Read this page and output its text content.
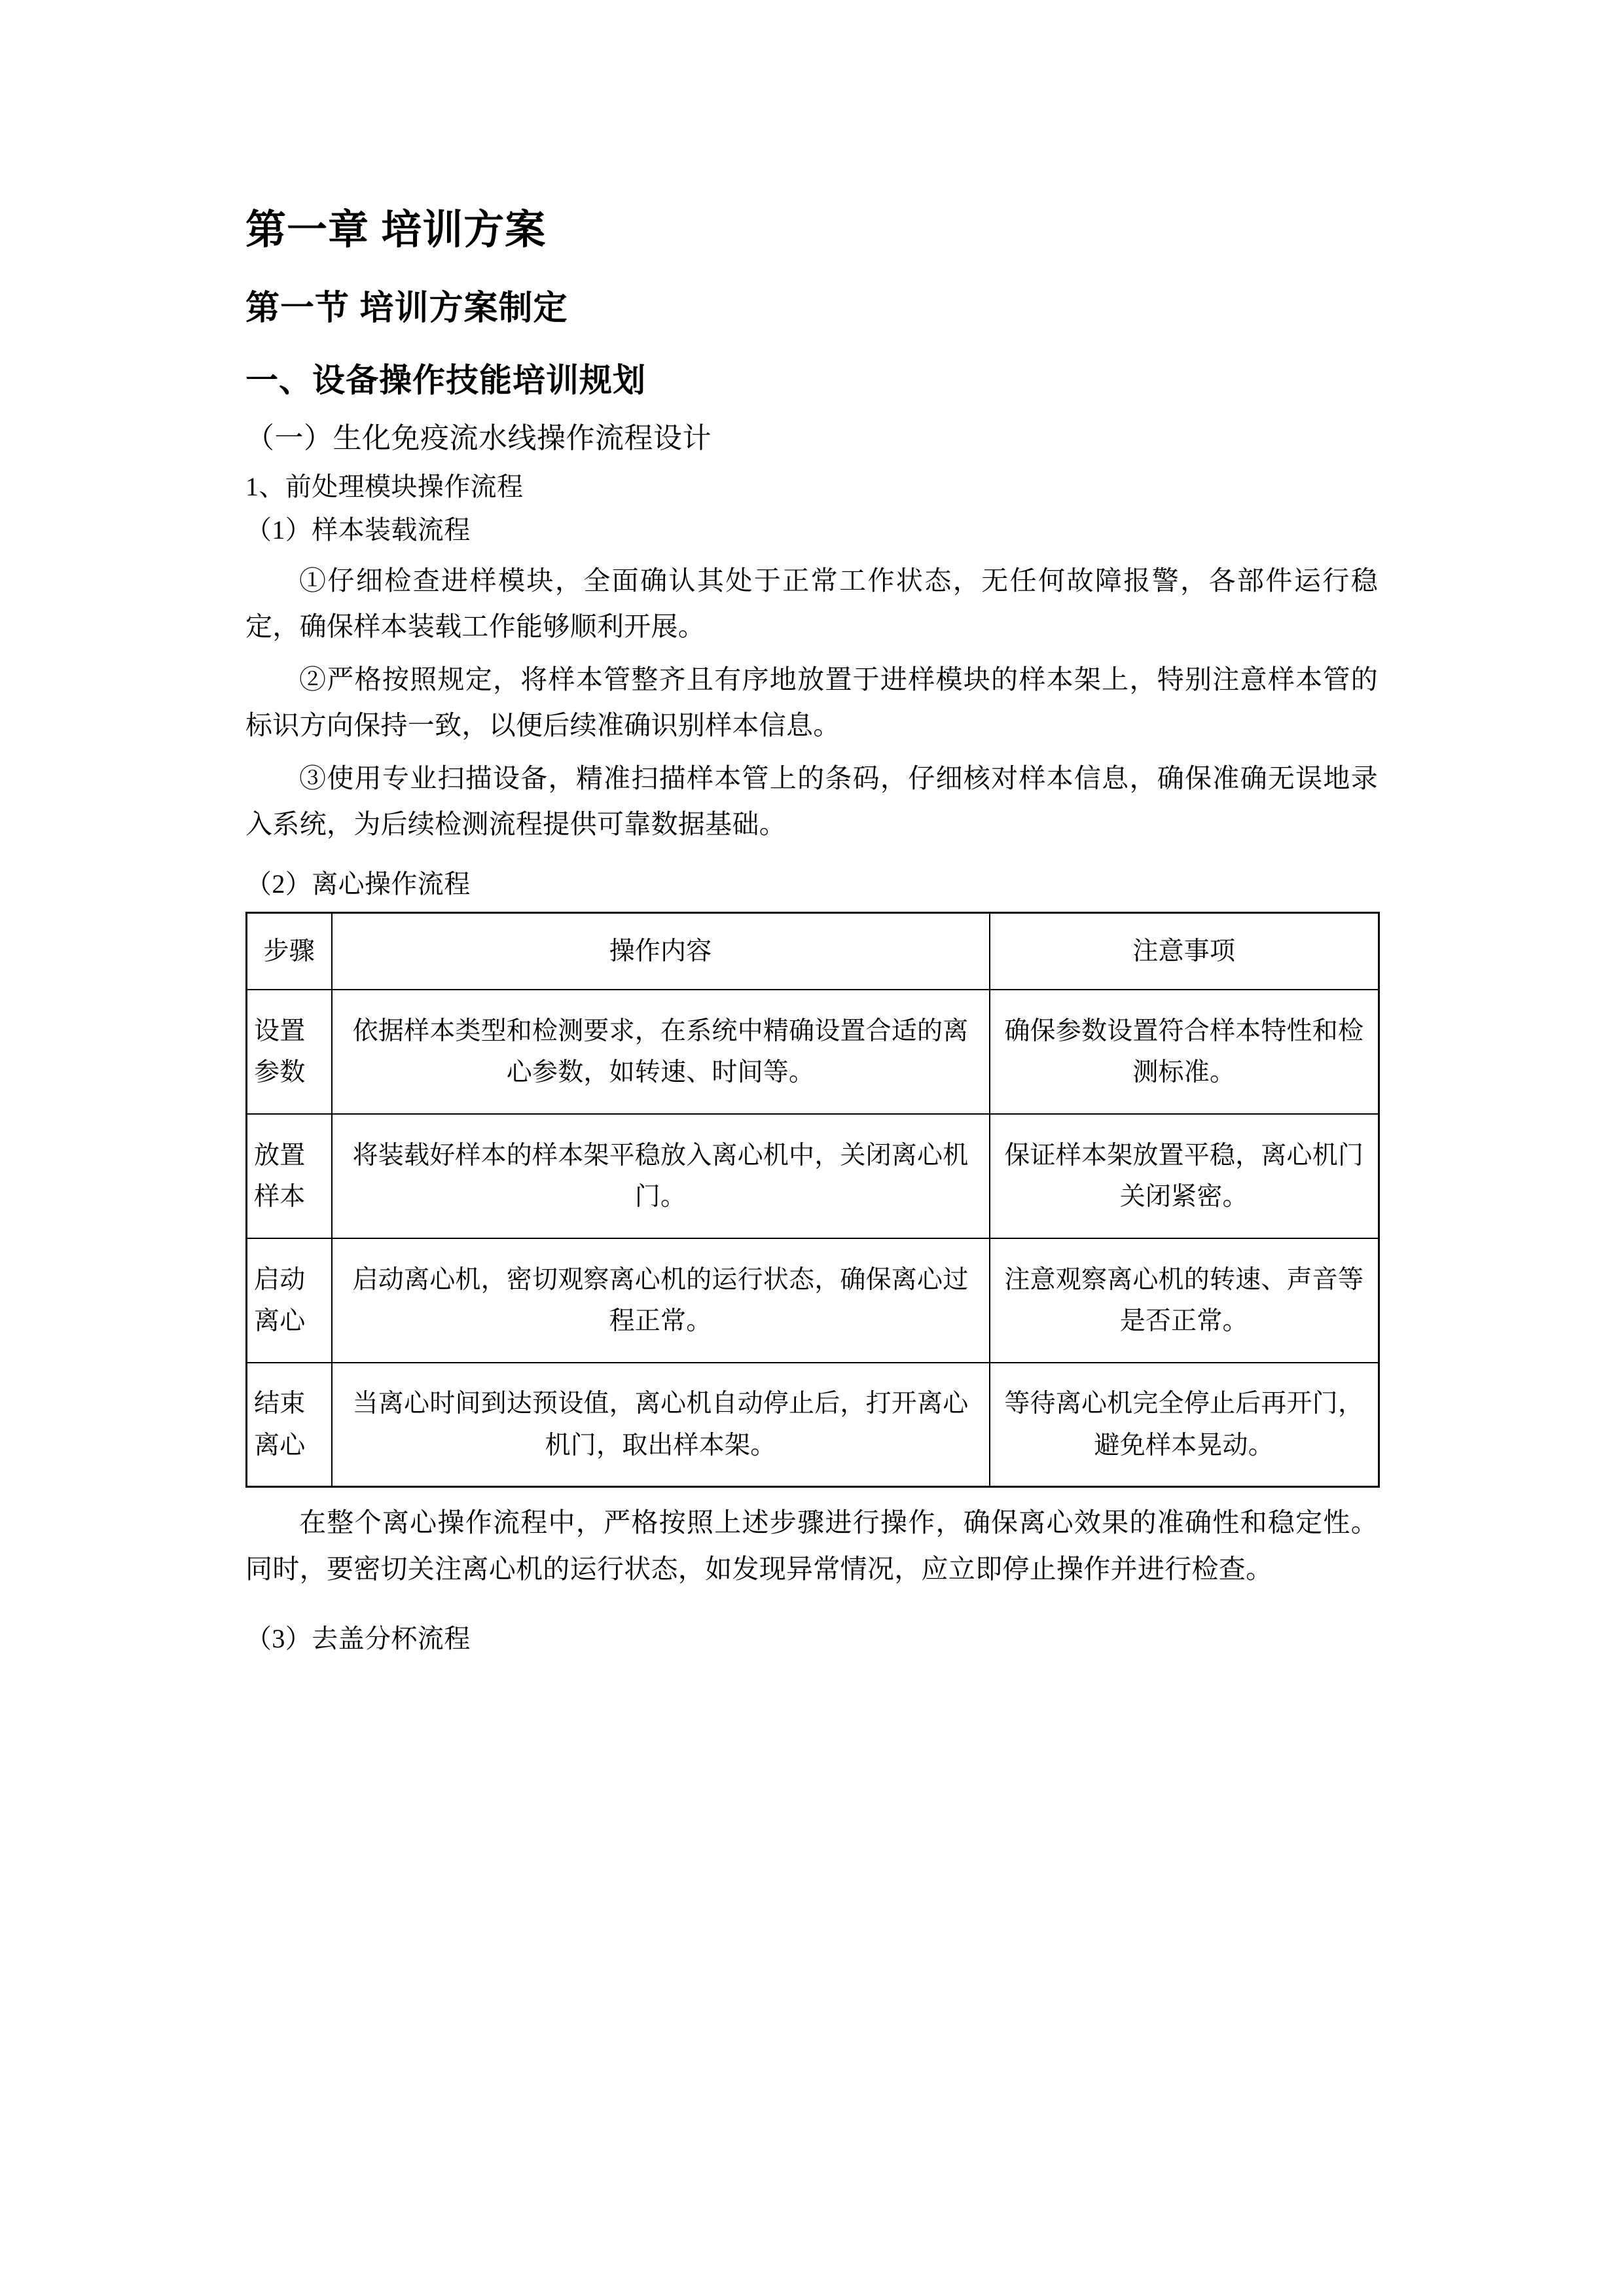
第一章 培训方案
第一节 培训方案制定
一、设备操作技能培训规划
（一）生化免疫流水线操作流程设计
1、前处理模块操作流程
（1）样本装载流程

①仔细检查进样模块，全面确认其处于正常工作状态，无任何故障报警，各部件运行稳定，确保样本装载工作能够顺利开展。

②严格按照规定，将样本管整齐且有序地放置于进样模块的样本架上，特别注意样本管的标识方向保持一致，以便后续准确识别样本信息。

③使用专业扫描设备，精准扫描样本管上的条码，仔细核对样本信息，确保准确无误地录入系统，为后续检测流程提供可靠数据基础。

（2）离心操作流程
步骤	操作内容	注意事项
设置参数	依据样本类型和检测要求，在系统中精确设置合适的离心参数，如转速、时间等。	确保参数设置符合样本特性和检测标准。
放置样本	将装载好样本的样本架平稳放入离心机中，关闭离心机门。	保证样本架放置平稳，离心机门关闭紧密。
启动离心	启动离心机，密切观察离心机的运行状态，确保离心过程正常。	注意观察离心机的转速、声音等是否正常。
结束离心	当离心时间到达预设值，离心机自动停止后，打开离心机门，取出样本架。	等待离心机完全停止后再开门，避免样本晃动。

在整个离心操作流程中，严格按照上述步骤进行操作，确保离心效果的准确性和稳定性。同时，要密切关注离心机的运行状态，如发现异常情况，应立即停止操作并进行检查。

（3）去盖分杯流程
